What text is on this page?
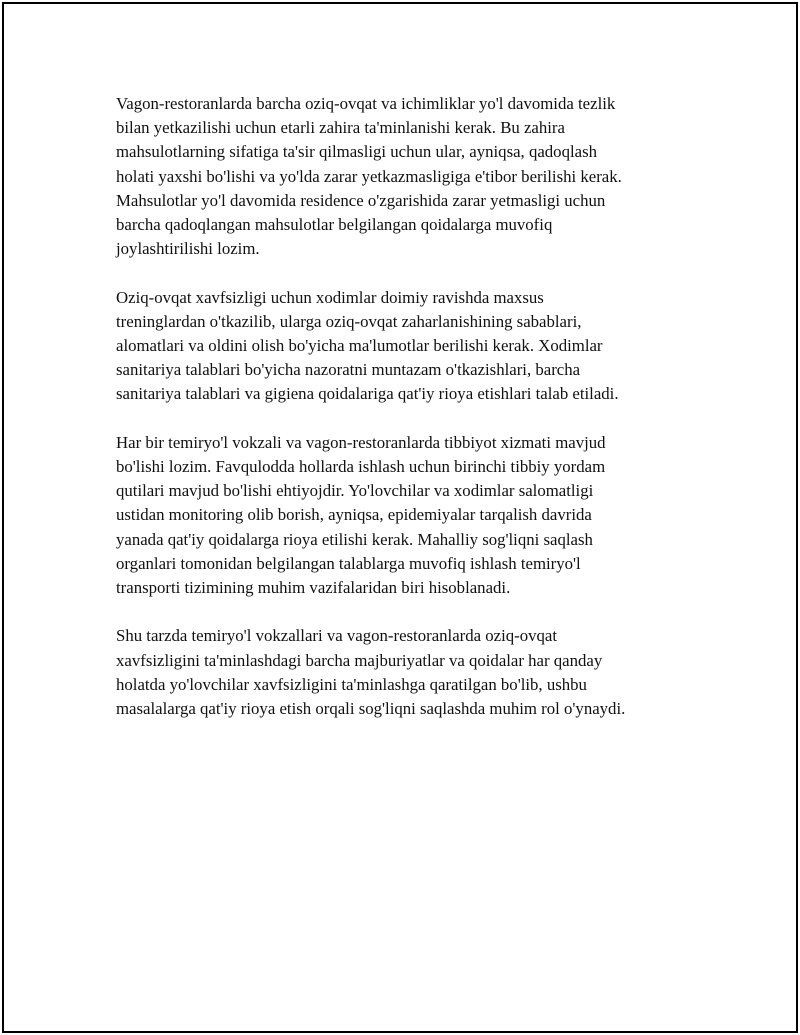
Vagon-restoranlarda barcha oziq-ovqat va ichimliklar yo'l davomida tezlik
bilan yetkazilishi uchun etarli zahira ta'minlanishi kerak. Bu zahira
mahsulotlarning sifatiga ta'sir qilmasligi uchun ular, ayniqsa, qadoqlash
holati yaxshi bo'lishi va yo'lda zarar yetkazmasligiga e'tibor berilishi kerak.
Mahsulotlar yo'l davomida residence o'zgarishida zarar yetmasligi uchun
barcha qadoqlangan mahsulotlar belgilangan qoidalarga muvofiq
joylashtirilishi lozim.

Oziq-ovqat xavfsizligi uchun xodimlar doimiy ravishda maxsus
treninglardan o'tkazilib, ularga oziq-ovqat zaharlanishining sabablari,
alomatlari va oldini olish bo'yicha ma'lumotlar berilishi kerak. Xodimlar
sanitariya talablari bo'yicha nazoratni muntazam o'tkazishlari, barcha
sanitariya talablari va gigiena qoidalariga qat'iy rioya etishlari talab etiladi.

Har bir temiryo'l vokzali va vagon-restoranlarda tibbiyot xizmati mavjud
bo'lishi lozim. Favqulodda hollarda ishlash uchun birinchi tibbiy yordam
qutilari mavjud bo'lishi ehtiyojdir. Yo'lovchilar va xodimlar salomatligi
ustidan monitoring olib borish, ayniqsa, epidemiyalar tarqalish davrida
yanada qat'iy qoidalarga rioya etilishi kerak. Mahalliy sog'liqni saqlash
organlari tomonidan belgilangan talablarga muvofiq ishlash temiryo'l
transporti tizimining muhim vazifalaridan biri hisoblanadi.

Shu tarzda temiryo'l vokzallari va vagon-restoranlarda oziq-ovqat
xavfsizligini ta'minlashdagi barcha majburiyatlar va qoidalar har qanday
holatda yo'lovchilar xavfsizligini ta'minlashga qaratilgan bo'lib, ushbu
masalalarga qat'iy rioya etish orqali sog'liqni saqlashda muhim rol o'ynaydi.
